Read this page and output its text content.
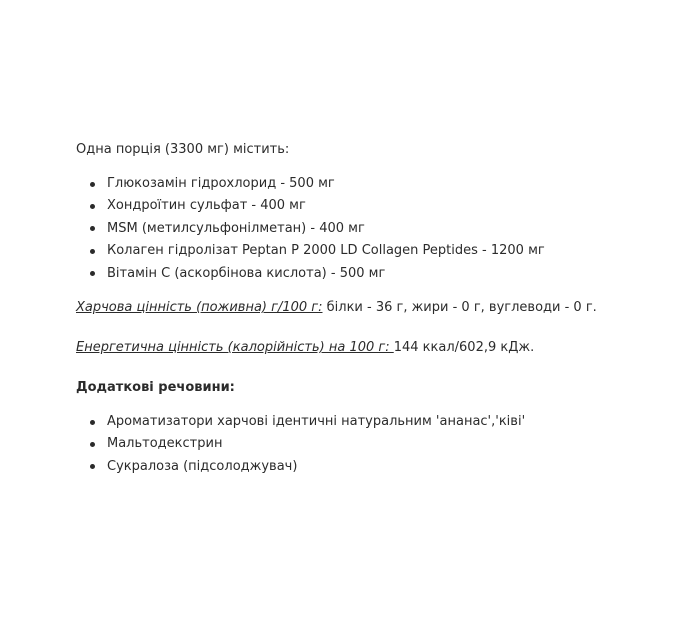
Одна порція (3300 мг) містить:

Глюкозамін гідрохлорид - 500 мг
Хондроїтин сульфат - 400 мг
MSM (метилсульфонілметан) - 400 мг
Колаген гідролізат Peptan P 2000 LD Collagen Peptides - 1200 мг
Вітамін С (аскорбінова кислота) - 500 мг

Харчова цінність (поживна) г/100 г: білки - 36 г, жири - 0 г, вуглеводи - 0 г.

Енергетична цінність (калорійність) на 100 г: 144 ккал/602,9 кДж.

Додаткові речовини:

Ароматизатори харчові ідентичні натуральним 'ананас','ківі'
Мальтодекстрин
Сукралоза (підсолоджувач)
